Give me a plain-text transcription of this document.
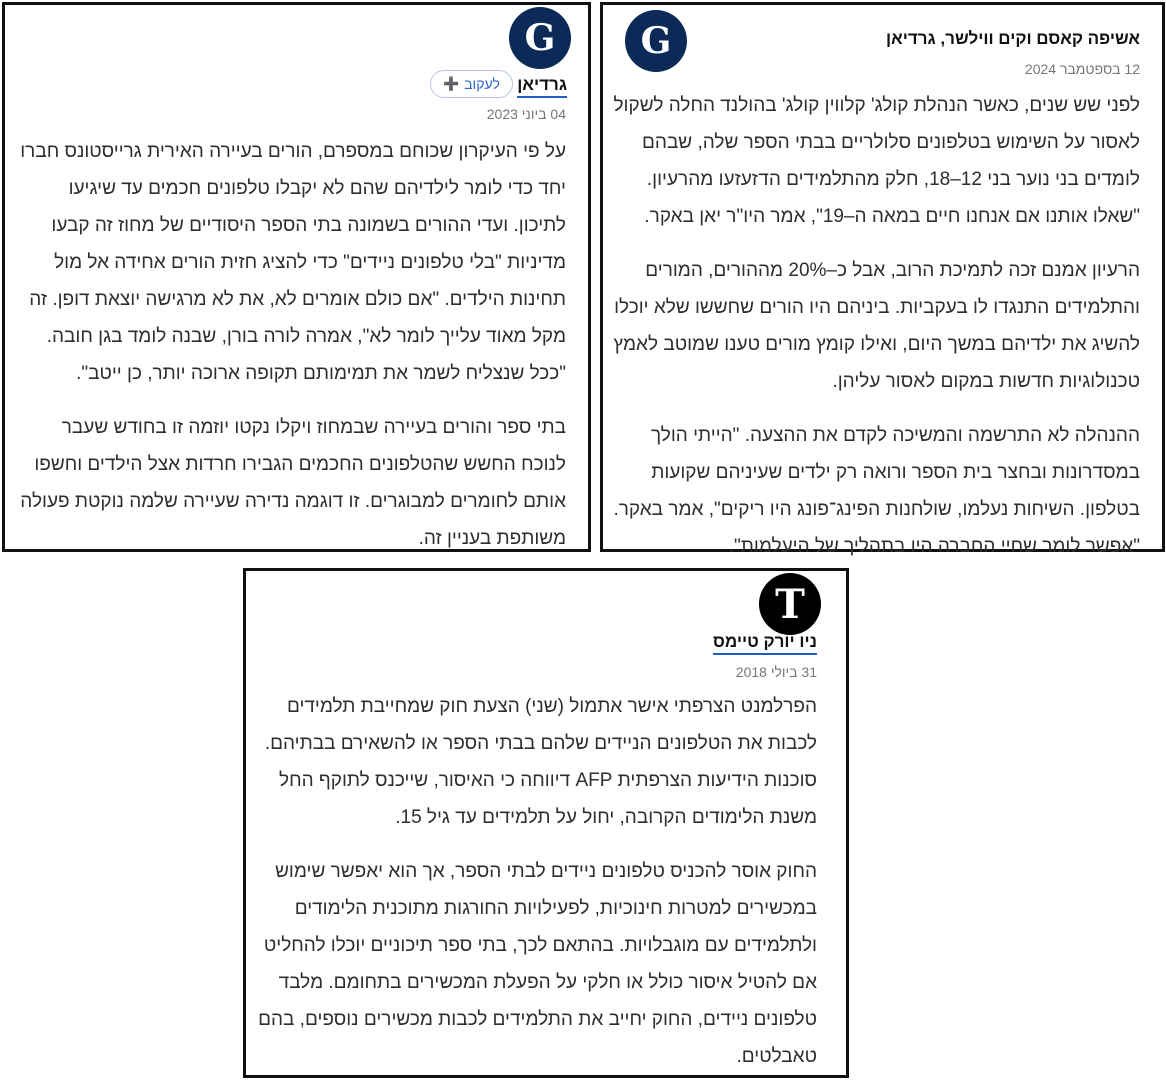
G
גרדיאן
לעקוב
➕
04 ביוני 2023

על פי העיקרון שכוחם במספרם, הורים בעיירה האירית גרייסטונס חברו יחד כדי לומר לילדיהם שהם לא יקבלו טלפונים חכמים עד שיגיעו לתיכון. ועדי ההורים בשמונה בתי הספר היסודיים של מחוז זה קבעו מדיניות "בלי טלפונים ניידים" כדי להציג חזית הורים אחידה אל מול תחינות הילדים. "אם כולם אומרים לא, את לא מרגישה יוצאת דופן. זה מקל מאוד עלייך לומר לא", אמרה לורה בורן, שבנה לומד בגן חובה. "ככל שנצליח לשמר את תמימותם תקופה ארוכה יותר, כן ייטב".

בתי ספר והורים בעיירה שבמחוז ויקלו נקטו יוזמה זו בחודש שעבר לנוכח החשש שהטלפונים החכמים הגבירו חרדות אצל הילדים וחשפו אותם לחומרים למבוגרים. זו דוגמה נדירה שעיירה שלמה נוקטת פעולה משותפת בעניין זה.

G	אשיפה קאסם וקים ווילשר, גרדיאן
12 בספטמבר 2024

לפני שש שנים, כאשר הנהלת קולג' קלווין קולג' בהולנד החלה לשקול לאסור על השימוש בטלפונים סלולריים בבתי הספר שלה, שבהם לומדים בני נוער בני 12–18, חלק מהתלמידים הדזעזעו מהרעיון. "שאלו אותנו אם אנחנו חיים במאה ה–19", אמר היו"ר יאן באקר.

הרעיון אמנם זכה לתמיכת הרוב, אבל כ–20% מההורים, המורים והתלמידים התנגדו לו בעקביות. ביניהם היו הורים שחששו שלא יוכלו להשיג את ילדיהם במשך היום, ואילו קומץ מורים טענו שמוטב לאמץ טכנולוגיות חדשות במקום לאסור עליהן.

ההנהלה לא התרשמה והמשיכה לקדם את ההצעה. "הייתי הולך במסדרונות ובחצר בית הספר ורואה רק ילדים שעיניהם שקועות בטלפון. השיחות נעלמו, שולחנות הפינג־פונג היו ריקים", אמר באקר. "אפשר לומר שחיי החברה היו בתהליך של היעלמות".

T
ניו יורק טיימס
31 ביולי 2018

הפרלמנט הצרפתי אישר אתמול (שני) הצעת חוק שמחייבת תלמידים לכבות את הטלפונים הניידים שלהם בבתי הספר או להשאירם בבתיהם. סוכנות הידיעות הצרפתית AFP דיווחה כי האיסור, שייכנס לתוקף החל משנת הלימודים הקרובה, יחול על תלמידים עד גיל 15.

החוק אוסר להכניס טלפונים ניידים לבתי הספר, אך הוא יאפשר שימוש במכשירים למטרות חינוכיות, לפעילויות החורגות מתוכנית הלימודים ולתלמידים עם מוגבלויות. בהתאם לכך, בתי ספר תיכוניים יוכלו להחליט אם להטיל איסור כולל או חלקי על הפעלת המכשירים בתחומם. מלבד טלפונים ניידים, החוק יחייב את התלמידים לכבות מכשירים נוספים, בהם טאבלטים.
